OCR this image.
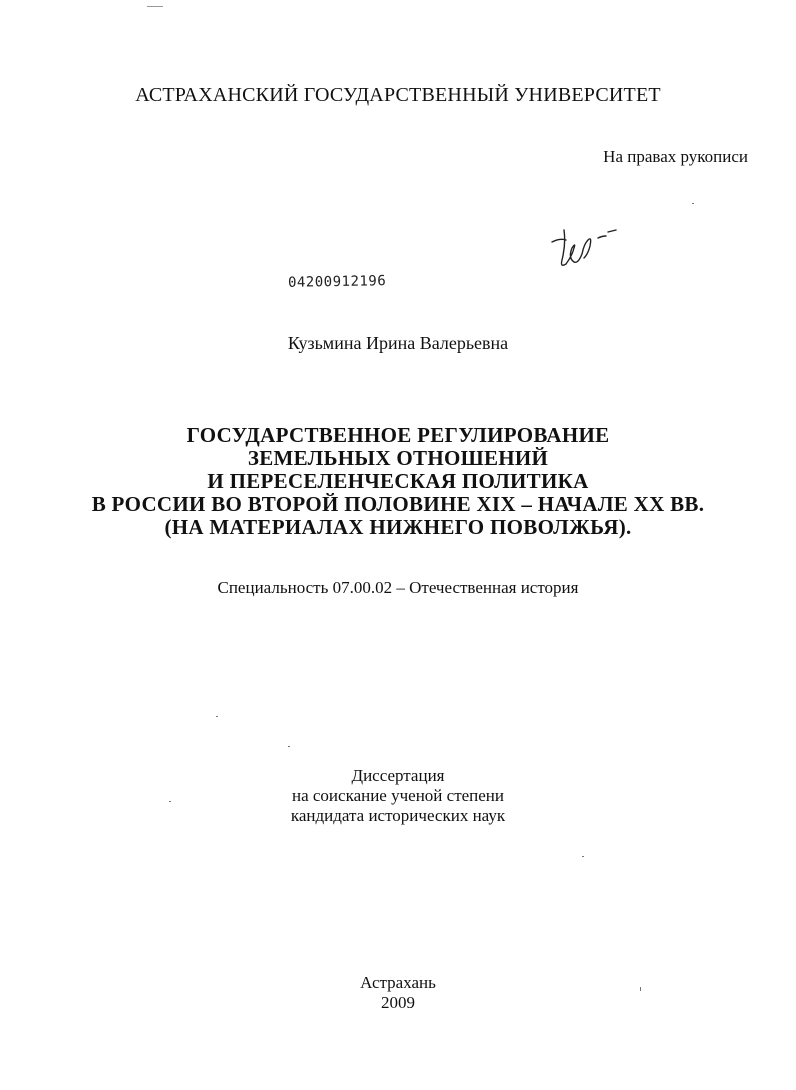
АСТРАХАНСКИЙ ГОСУДАРСТВЕННЫЙ УНИВЕРСИТЕТ
На правах рукописи
04200912196
Кузьмина Ирина Валерьевна
ГОСУДАРСТВЕННОЕ РЕГУЛИРОВАНИЕ
ЗЕМЕЛЬНЫХ ОТНОШЕНИЙ
И ПЕРЕСЕЛЕНЧЕСКАЯ ПОЛИТИКА
В РОССИИ ВО ВТОРОЙ ПОЛОВИНЕ XIX – НАЧАЛЕ XX ВВ.
(НА МАТЕРИАЛАХ НИЖНЕГО ПОВОЛЖЬЯ).
Специальность 07.00.02 – Отечественная история
Диссертация
на соискание ученой степени
кандидата исторических наук
Астрахань
2009
